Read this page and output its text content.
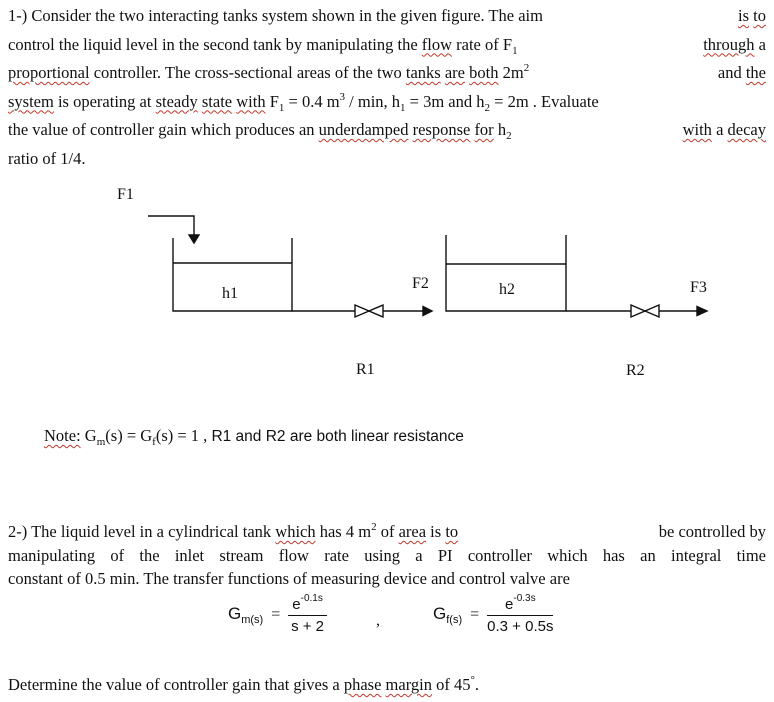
1-) Consider the two interacting tanks system shown in the given figure. The aim	is to
control the liquid level in the second tank by manipulating the flow rate of $F_1$	through a
proportional controller. The cross-sectional areas of the two tanks are both $2m^2$	and the
system is operating at steady state with $F_1 = 0.4$ $m^3$ / min, $h_1 = 3m$ and $h_2 = 2m$ . Evaluate
the value of controller gain which produces an underdamped response for $h_2$	with a decay
ratio of 1/4.
F1
h1
F2	h2	F3
R1	R2
Note: $G_m(s) = G_f(s) = 1$ , R1 and R2 are both linear resistance
2-) The liquid level in a cylindrical tank which has 4 $m^2$ of area is to	be controlled by
manipulating of the inlet stream flow rate using a PI controller which has an integral time
constant of 0.5 min. The transfer functions of measuring device and control valve are
$G_{m(s)} = \frac{e^{-0.1s}}{s + 2}$	,	$G_{f(s)} = \frac{e^{-0.3s}}{0.3 + 0.5s}$
Determine the value of controller gain that gives a phase margin of 45°.
